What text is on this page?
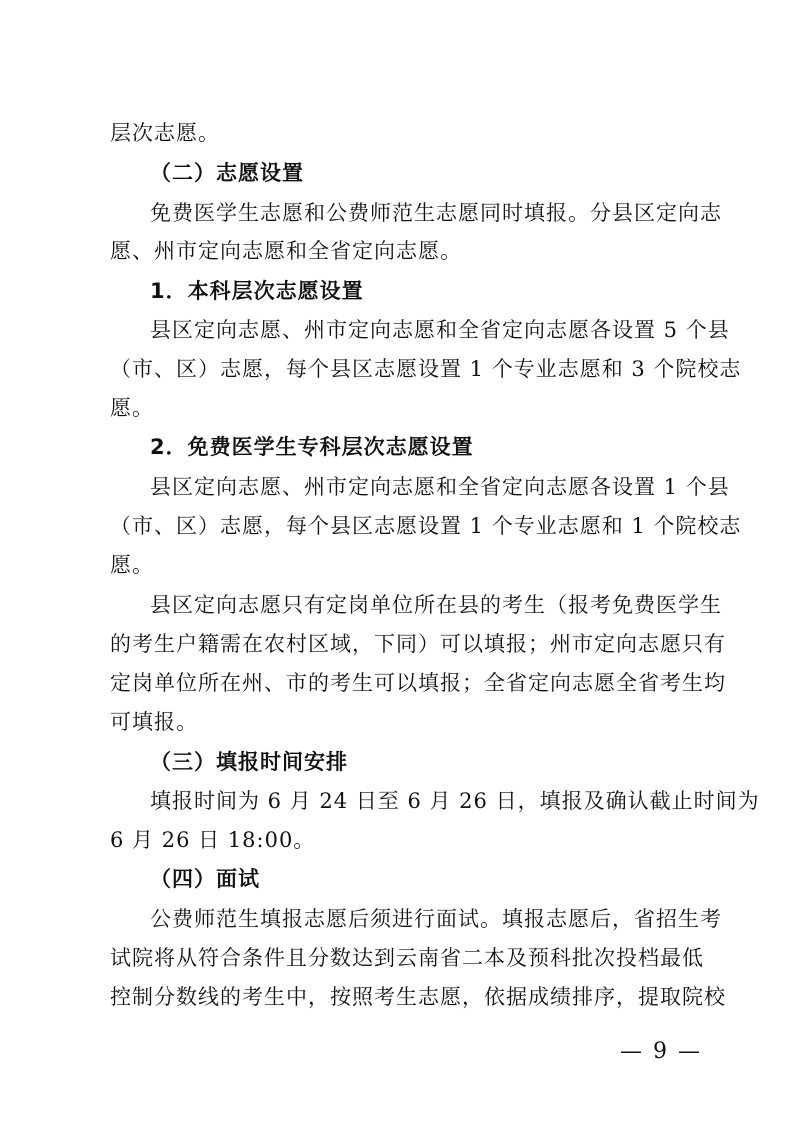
层次志愿。
（二）志愿设置
免费医学生志愿和公费师范生志愿同时填报。分县区定向志
愿、州市定向志愿和全省定向志愿。
1．本科层次志愿设置
县区定向志愿、州市定向志愿和全省定向志愿各设置 5 个县
（市、区）志愿，每个县区志愿设置 1 个专业志愿和 3 个院校志
愿。
2．免费医学生专科层次志愿设置
县区定向志愿、州市定向志愿和全省定向志愿各设置 1 个县
（市、区）志愿，每个县区志愿设置 1 个专业志愿和 1 个院校志
愿。
县区定向志愿只有定岗单位所在县的考生（报考免费医学生
的考生户籍需在农村区域，下同）可以填报；州市定向志愿只有
定岗单位所在州、市的考生可以填报；全省定向志愿全省考生均
可填报。
（三）填报时间安排
填报时间为 6 月 24 日至 6 月 26 日，填报及确认截止时间为
6 月 26 日 18:00。
（四）面试
公费师范生填报志愿后须进行面试。填报志愿后，省招生考
试院将从符合条件且分数达到云南省二本及预科批次投档最低
控制分数线的考生中，按照考生志愿，依据成绩排序，提取院校
— 9 —
